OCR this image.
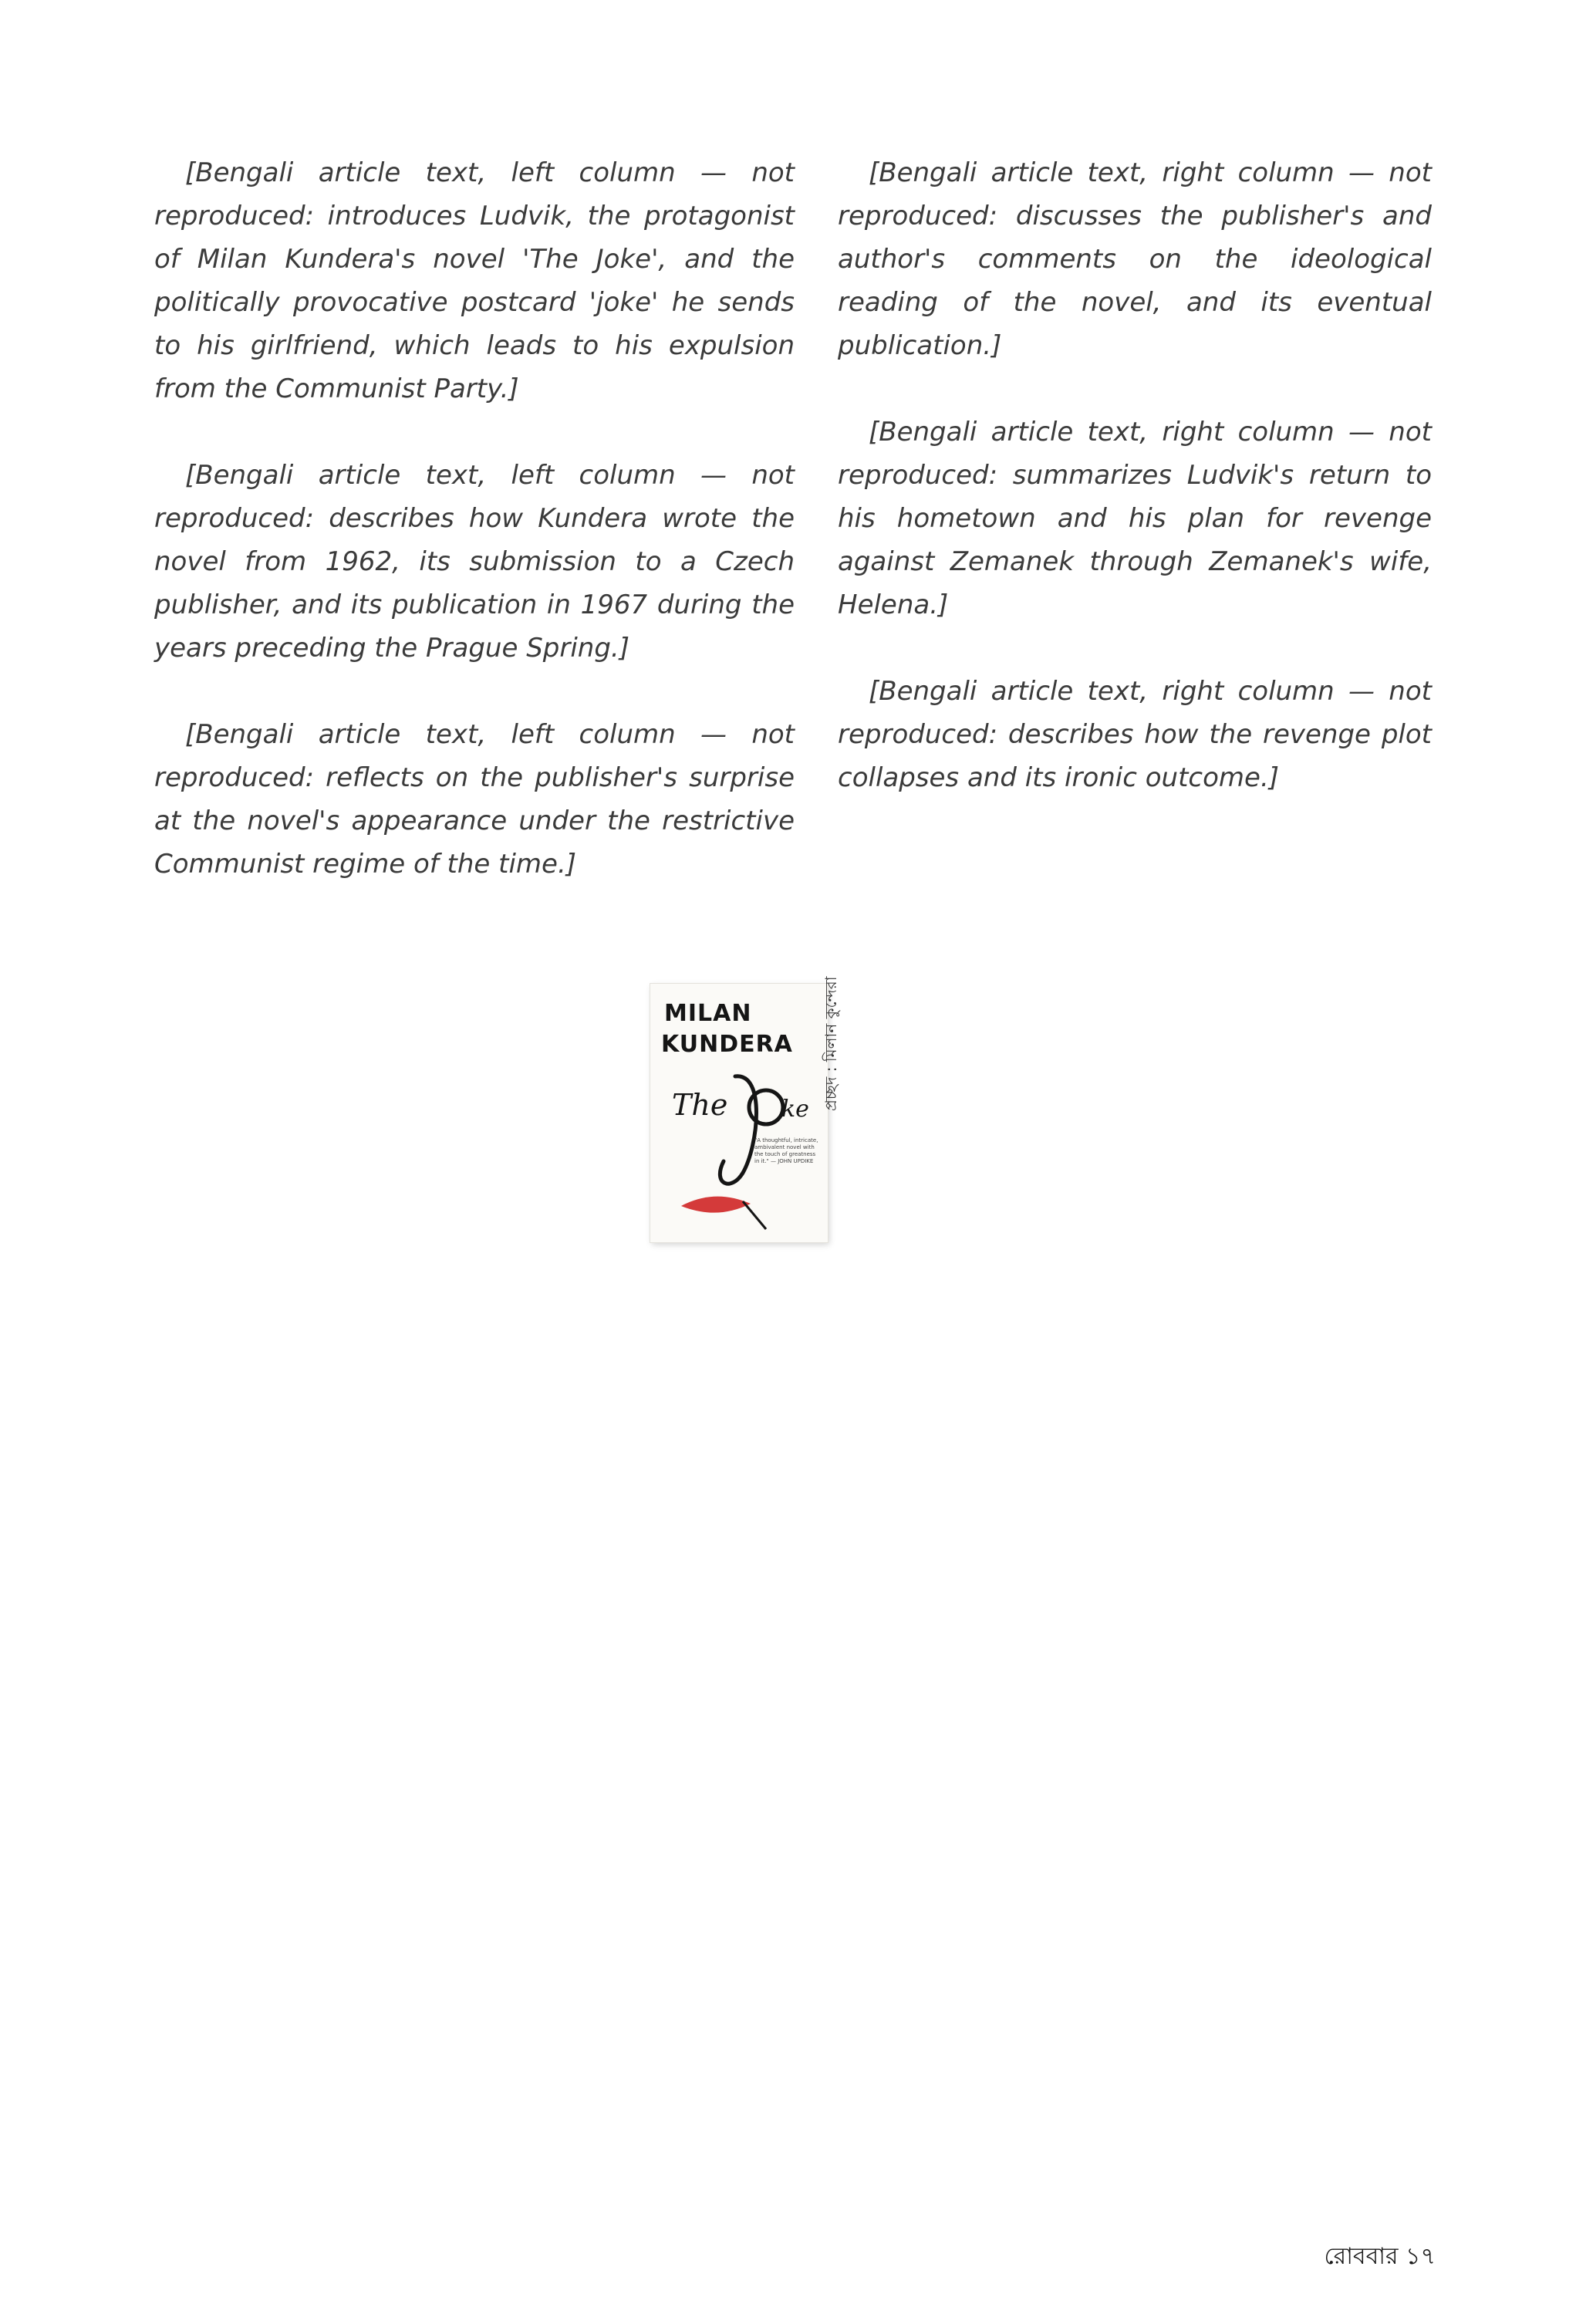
[Bengali article text, left column — not reproduced: introduces Ludvik, the protagonist of Milan Kundera's novel 'The Joke', and the politically provocative postcard 'joke' he sends to his girlfriend, which leads to his expulsion from the Communist Party.]

[Bengali article text, left column — not reproduced: describes how Kundera wrote the novel from 1962, its submission to a Czech publisher, and its publication in 1967 during the years preceding the Prague Spring.]

[Bengali article text, left column — not reproduced: reflects on the publisher's surprise at the novel's appearance under the restrictive Communist regime of the time.]

[Bengali article text, right column — not reproduced: discusses the publisher's and author's comments on the ideological reading of the novel, and its eventual publication.]

[Bengali article text, right column — not reproduced: summarizes Ludvik's return to his hometown and his plan for revenge against Zemanek through Zemanek's wife, Helena.]

[Bengali article text, right column — not reproduced: describes how the revenge plot collapses and its ironic outcome.]

MILAN
KUNDERA
The ke
"A thoughtful, intricate, ambivalent novel with the touch of greatness in it." — JOHN UPDIKE
প্রচ্ছদ : মিলান কুন্দেরা
রোববার ১৭
